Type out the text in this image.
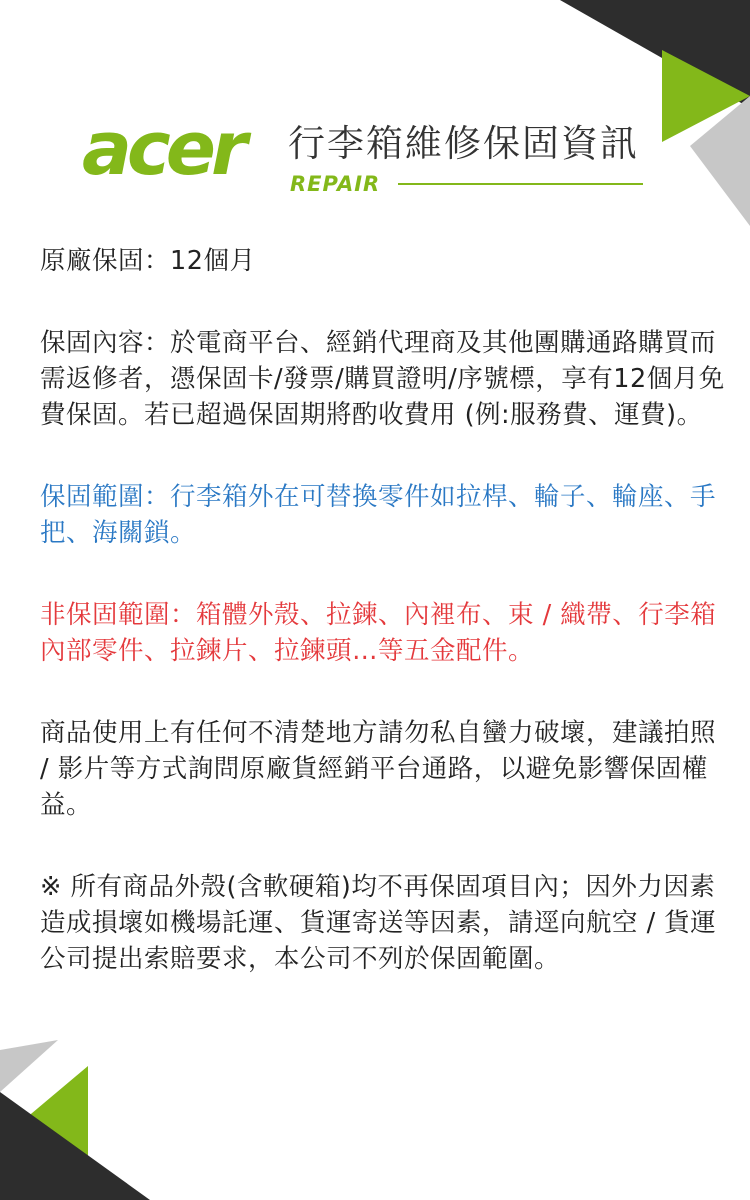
acer 行李箱維修保固資訊
REPAIR

原廠保固：12個月

保固內容：於電商平台、經銷代理商及其他團購通路購買而需返修者，憑保固卡/發票/購買證明/序號標，享有12個月免費保固。若已超過保固期將酌收費用 (例:服務費、運費)。

保固範圍：行李箱外在可替換零件如拉桿、輪子、輪座、手把、海關鎖。

非保固範圍：箱體外殼、拉鍊、內裡布、束 / 織帶、行李箱內部零件、拉鍊片、拉鍊頭…等五金配件。

商品使用上有任何不清楚地方請勿私自蠻力破壞，建議拍照 / 影片等方式詢問原廠貨經銷平台通路，以避免影響保固權益。

※ 所有商品外殼(含軟硬箱)均不再保固項目內；因外力因素造成損壞如機場託運、貨運寄送等因素，請逕向航空 / 貨運公司提出索賠要求，本公司不列於保固範圍。
